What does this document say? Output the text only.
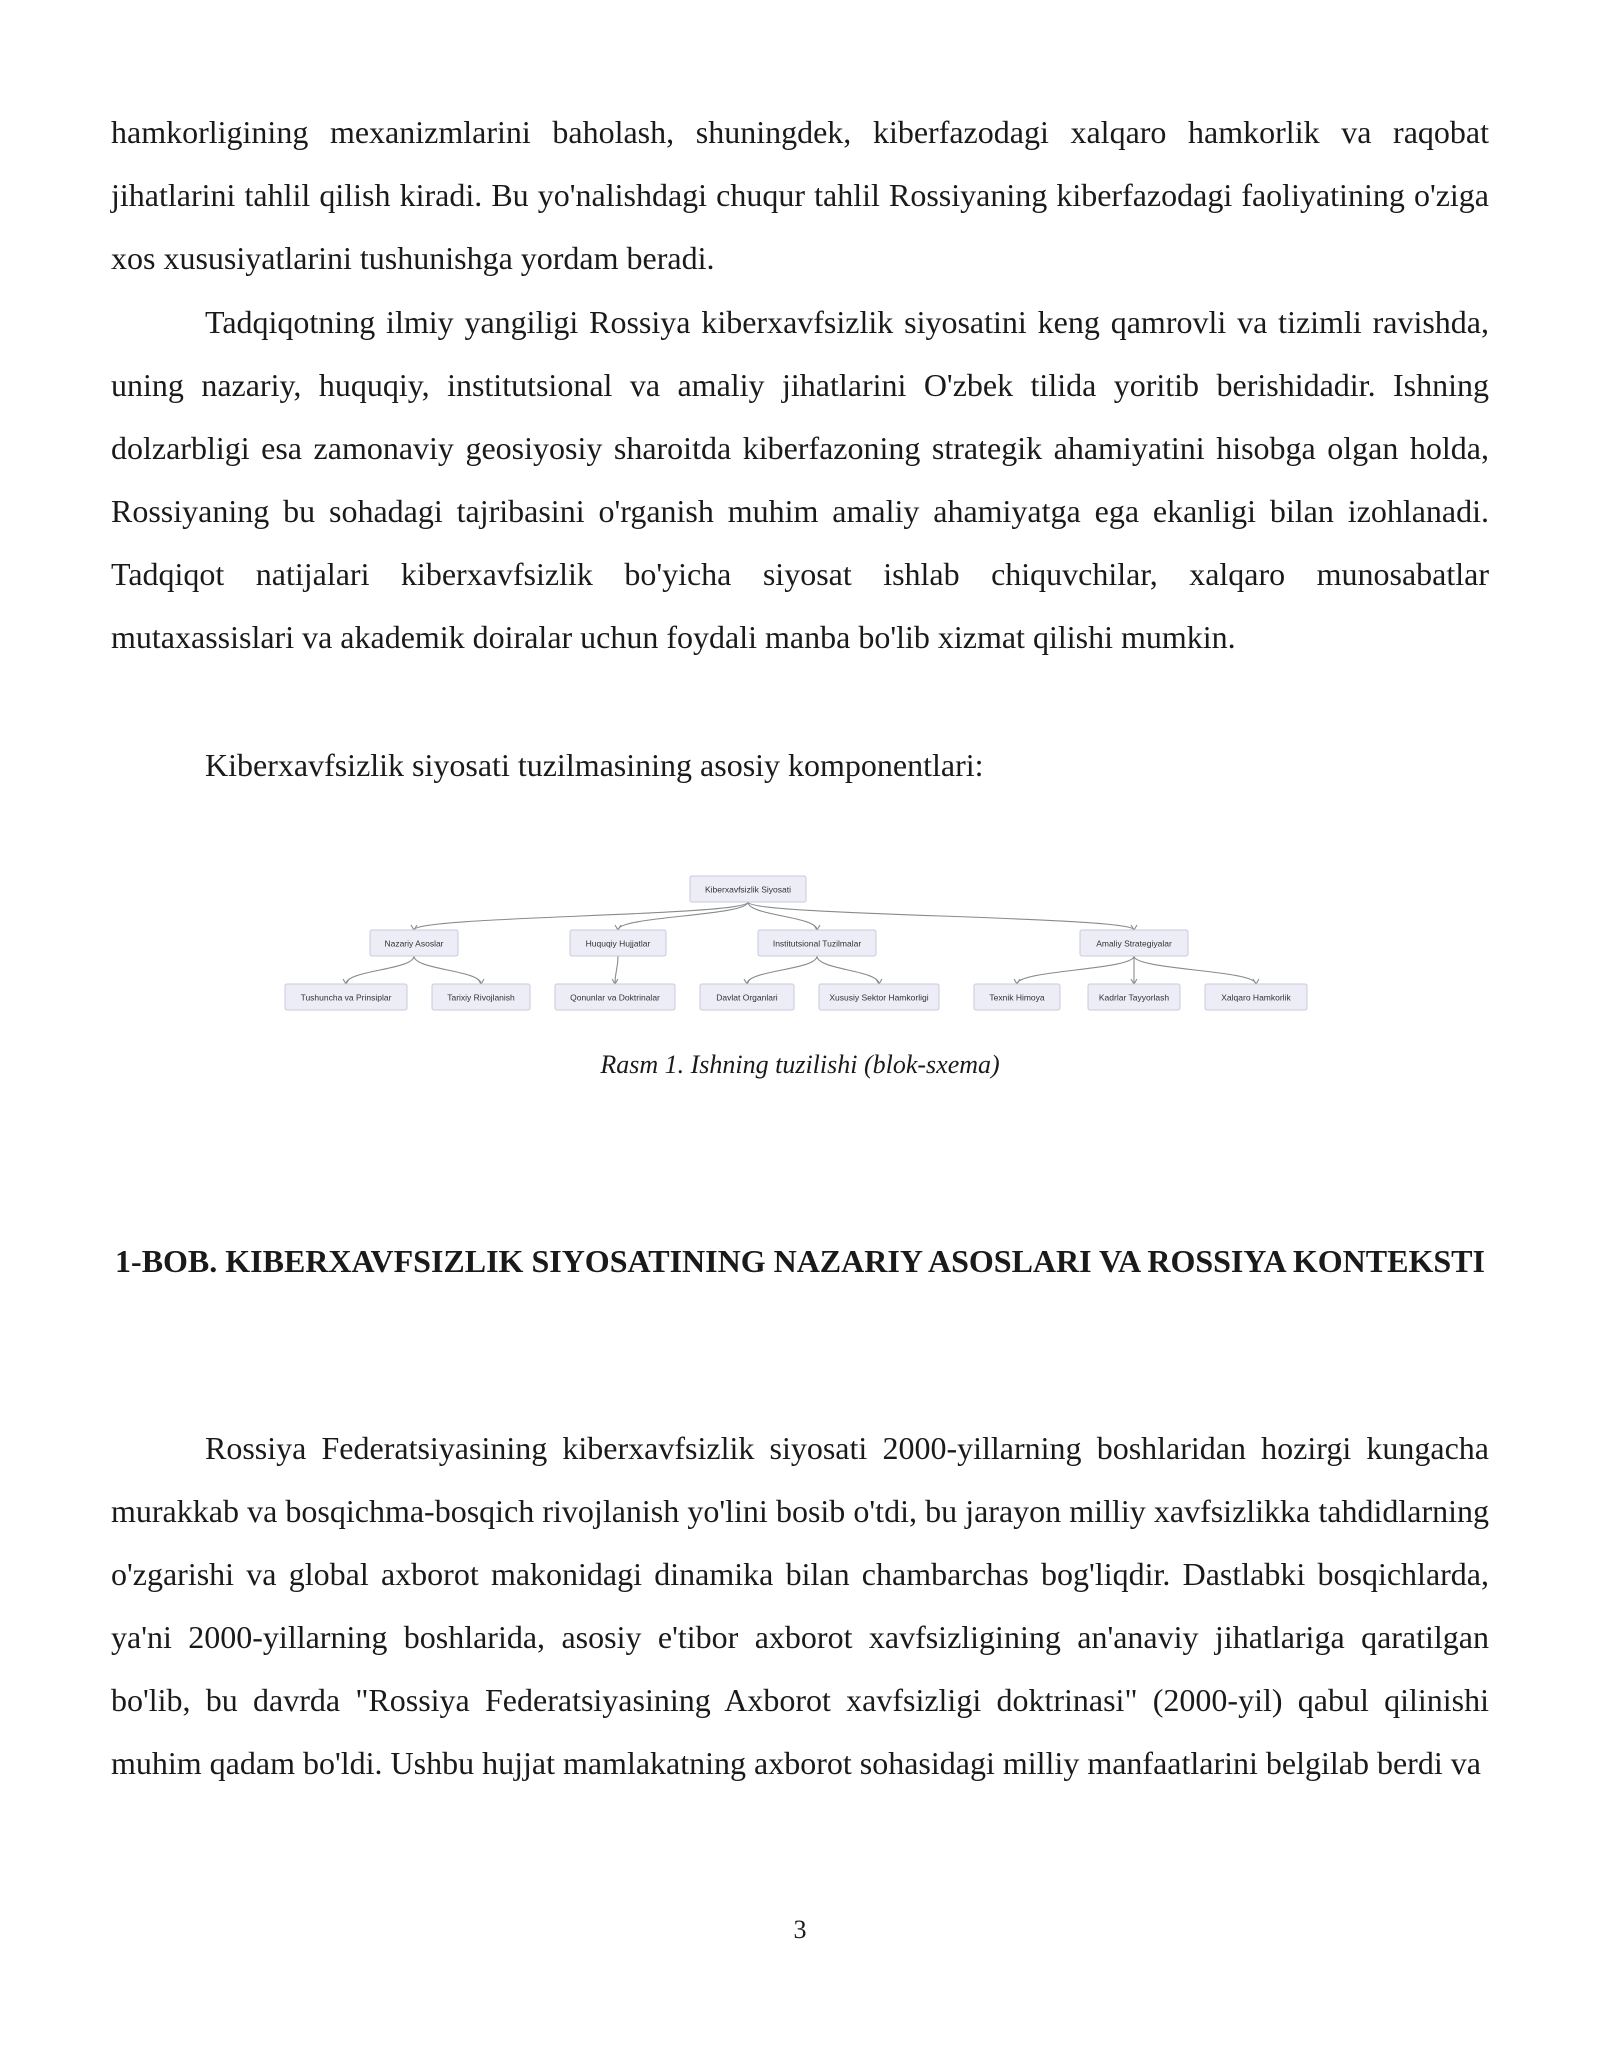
hamkorligining mexanizmlarini baholash, shuningdek, kiberfazodagi xalqaro hamkorlik va raqobat jihatlarini tahlil qilish kiradi. Bu yo'nalishdagi chuqur tahlil Rossiyaning kiberfazodagi faoliyatining o'ziga xos xususiyatlarini tushunishga yordam beradi.

Tadqiqotning ilmiy yangiligi Rossiya kiberxavfsizlik siyosatini keng qamrovli va tizimli ravishda, uning nazariy, huquqiy, institutsional va amaliy jihatlarini O'zbek tilida yoritib berishidadir. Ishning dolzarbligi esa zamonaviy geosiyosiy sharoitda kiberfazoning strategik ahamiyatini hisobga olgan holda, Rossiyaning bu sohadagi tajribasini o'rganish muhim amaliy ahamiyatga ega ekanligi bilan izohlanadi. Tadqiqot natijalari kiberxavfsizlik bo'yicha siyosat ishlab chiquvchilar, xalqaro munosabatlar mutaxassislari va akademik doiralar uchun foydali manba bo'lib xizmat qilishi mumkin.

Kiberxavfsizlik siyosati tuzilmasining asosiy komponentlari:

Kiberxavfsizlik Siyosati
Nazariy Asoslar
Tushuncha va Prinsiplar	Tarixiy Rivojlanish
Huquqiy Hujjatlar
Qonunlar va Doktrinalar
Institutsional Tuzilmalar
Davlat Organlari	Xususiy Sektor Hamkorligi
Amaliy Strategiyalar
Texnik Himoya	Kadrlar Tayyorlash	Xalqaro Hamkorlik
Rasm 1. Ishning tuzilishi (blok-sxema)
1-BOB. KIBERXAVFSIZLIK SIYOSATINING NAZARIY ASOSLARI VA ROSSIYA KONTEKSTI

Rossiya Federatsiyasining kiberxavfsizlik siyosati 2000-yillarning boshlaridan hozirgi kungacha murakkab va bosqichma-bosqich rivojlanish yo'lini bosib o'tdi, bu jarayon milliy xavfsizlikka tahdidlarning o'zgarishi va global axborot makonidagi dinamika bilan chambarchas bog'liqdir. Dastlabki bosqichlarda, ya'ni 2000-yillarning boshlarida, asosiy e'tibor axborot xavfsizligining an'anaviy jihatlariga qaratilgan bo'lib, bu davrda "Rossiya Federatsiyasining Axborot xavfsizligi doktrinasi" (2000-yil) qabul qilinishi muhim qadam bo'ldi. Ushbu hujjat mamlakatning axborot sohasidagi milliy manfaatlarini belgilab berdi va

3
